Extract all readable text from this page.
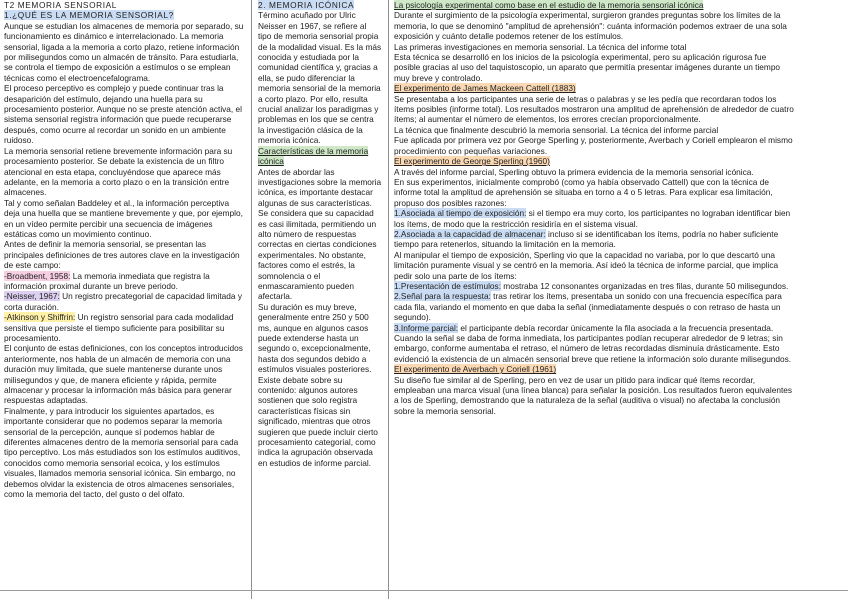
T2 MEMORIA SENSORIAL
1.¿QUÉ ES LA MEMORIA SENSORIAL?

Aunque se estudian los almacenes de memoria por separado, su funcionamiento es dinámico e interrelacionado. La memoria sensorial, ligada a la memoria a corto plazo, retiene información por milisegundos como un almacén de tránsito. Para estudiarla, se controla el tiempo de exposición a estímulos o se emplean técnicas como el electroencefalograma.

El proceso perceptivo es complejo y puede continuar tras la desaparición del estímulo, dejando una huella para su procesamiento posterior. Aunque no se preste atención activa, el sistema sensorial registra información que puede recuperarse después, como ocurre al recordar un sonido en un ambiente ruidoso.

La memoria sensorial retiene brevemente información para su procesamiento posterior. Se debate la existencia de un filtro atencional en esta etapa, concluyéndose que aparece más adelante, en la memoria a corto plazo o en la transición entre almacenes.

Tal y como señalan Baddeley et al., la información perceptiva deja una huella que se mantiene brevemente y que, por ejemplo, en un vídeo permite percibir una secuencia de imágenes estáticas como un movimiento continuo.

Antes de definir la memoria sensorial, se presentan las principales definiciones de tres autores clave en la investigación de este campo:

-Broadbent, 1958: La memoria inmediata que registra la información proximal durante un breve periodo.

-Neisser, 1967: Un registro precategorial de capacidad limitada y corta duración.

-Atkinson y Shiffrin: Un registro sensorial para cada modalidad sensitiva que persiste el tiempo suficiente para posibilitar su procesamiento.

El conjunto de estas definiciones, con los conceptos introducidos anteriormente, nos habla de un almacén de memoria con una duración muy limitada, que suele mantenerse durante unos milisegundos y que, de manera eficiente y rápida, permite almacenar y procesar la información más básica para generar respuestas adaptadas.

Finalmente, y para introducir los siguientes apartados, es importante considerar que no podemos separar la memoria sensorial de la percepción, aunque sí podemos hablar de diferentes almacenes dentro de la memoria sensorial para cada tipo perceptivo. Los más estudiados son los estímulos auditivos, conocidos como memoria sensorial ecoica, y los estímulos visuales, llamados memoria sensorial icónica. Sin embargo, no debemos olvidar la existencia de otros almacenes sensoriales, como la memoria del tacto, del gusto o del olfato.

2. MEMORIA ICÓNICA

Término acuñado por Ulric Neisser en 1967, se refiere al tipo de memoria sensorial propia de la modalidad visual. Es la más conocida y estudiada por la comunidad científica y, gracias a ella, se pudo diferenciar la memoria sensorial de la memoria a corto plazo. Por ello, resulta crucial analizar los paradigmas y problemas en los que se centra la investigación clásica de la memoria icónica.

Características de la memoria icónica

Antes de abordar las investigaciones sobre la memoria icónica, es importante destacar algunas de sus características.

Se considera que su capacidad es casi ilimitada, permitiendo un alto número de respuestas correctas en ciertas condiciones experimentales. No obstante, factores como el estrés, la somnolencia o el enmascaramiento pueden afectarla.

Su duración es muy breve, generalmente entre 250 y 500 ms, aunque en algunos casos puede extenderse hasta un segundo o, excepcionalmente, hasta dos segundos debido a estímulos visuales posteriores.

Existe debate sobre su contenido: algunos autores sostienen que solo registra características físicas sin significado, mientras que otros sugieren que puede incluir cierto procesamiento categorial, como indica la agrupación observada en estudios de informe parcial.

La psicología experimental como base en el estudio de la memoria sensorial icónica

Durante el surgimiento de la psicología experimental, surgieron grandes preguntas sobre los límites de la memoria, lo que se denominó "amplitud de aprehensión": cuánta información podemos extraer de una sola exposición y cuánto detalle podemos retener de los estímulos.

Las primeras investigaciones en memoria sensorial. La técnica del informe total

Esta técnica se desarrolló en los inicios de la psicología experimental, pero su aplicación rigurosa fue posible gracias al uso del taquistoscopio, un aparato que permitía presentar imágenes durante un tiempo muy breve y controlado.

El experimento de James Mackeen Cattell (1883)

Se presentaba a los participantes una serie de letras o palabras y se les pedía que recordaran todos los ítems posibles (informe total). Los resultados mostraron una amplitud de aprehensión de alrededor de cuatro ítems; al aumentar el número de elementos, los errores crecían proporcionalmente.

La técnica que finalmente descubrió la memoria sensorial. La técnica del informe parcial

Fue aplicada por primera vez por George Sperling y, posteriormente, Averbach y Coriell emplearon el mismo procedimiento con pequeñas variaciones.

El experimento de George Sperling (1960)

A través del informe parcial, Sperling obtuvo la primera evidencia de la memoria sensorial icónica.

En sus experimentos, inicialmente comprobó (como ya había observado Cattell) que con la técnica de informe total la amplitud de aprehensión se situaba en torno a 4 o 5 letras. Para explicar esa limitación, propuso dos posibles razones:

1.Asociada al tiempo de exposición: si el tiempo era muy corto, los participantes no lograban identificar bien los ítems, de modo que la restricción residiría en el sistema visual.

2.Asociada a la capacidad de almacenar: incluso si se identificaban los ítems, podría no haber suficiente tiempo para retenerlos, situando la limitación en la memoria.

Al manipular el tiempo de exposición, Sperling vio que la capacidad no variaba, por lo que descartó una limitación puramente visual y se centró en la memoria. Así ideó la técnica de informe parcial, que implica pedir solo una parte de los ítems:

1.Presentación de estímulos: mostraba 12 consonantes organizadas en tres filas, durante 50 milisegundos.

2.Señal para la respuesta: tras retirar los ítems, presentaba un sonido con una frecuencia específica para cada fila, variando el momento en que daba la señal (inmediatamente después o con retraso de hasta un segundo).

3.Informe parcial: el participante debía recordar únicamente la fila asociada a la frecuencia presentada.

Cuando la señal se daba de forma inmediata, los participantes podían recuperar alrededor de 9 letras; sin embargo, conforme aumentaba el retraso, el número de letras recordadas disminuía drásticamente. Esto evidenció la existencia de un almacén sensorial breve que retiene la información solo durante milisegundos.

El experimento de Averbach y Coriell (1961)

Su diseño fue similar al de Sperling, pero en vez de usar un pitido para indicar qué ítems recordar, empleaban una marca visual (una línea blanca) para señalar la posición. Los resultados fueron equivalentes a los de Sperling, demostrando que la naturaleza de la señal (auditiva o visual) no afectaba la conclusión sobre la memoria sensorial.
